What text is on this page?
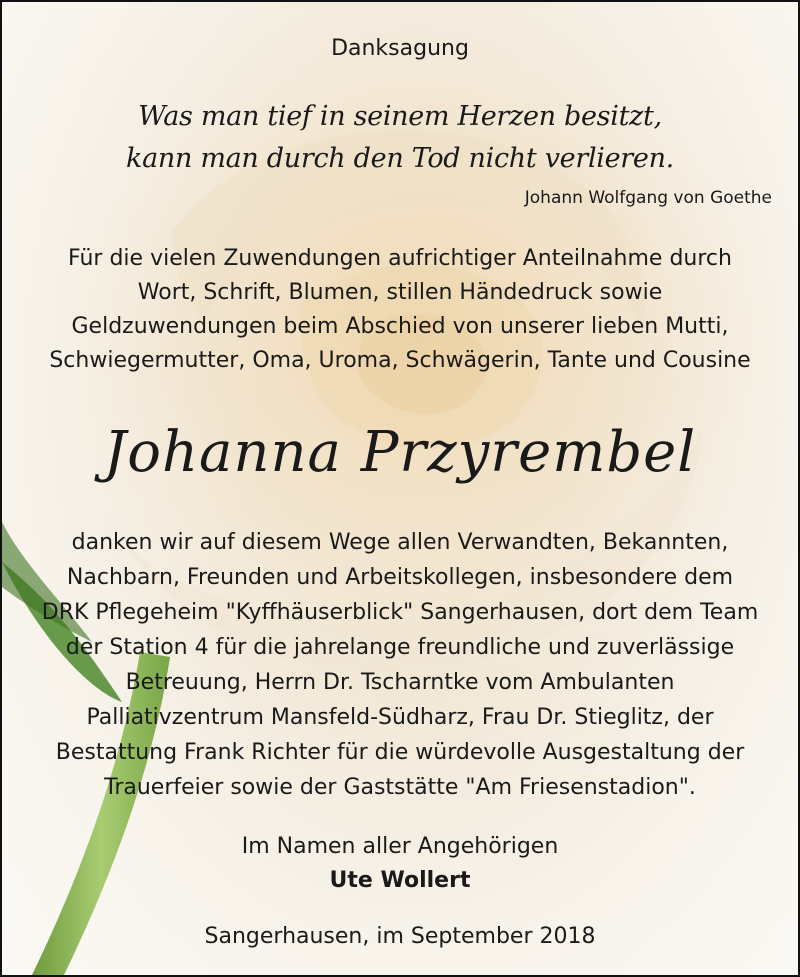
Danksagung
Was man tief in seinem Herzen besitzt,
kann man durch den Tod nicht verlieren.
Johann Wolfgang von Goethe
Für die vielen Zuwendungen aufrichtiger Anteilnahme durch
Wort, Schrift, Blumen, stillen Händedruck sowie
Geldzuwendungen beim Abschied von unserer lieben Mutti,
Schwiegermutter, Oma, Uroma, Schwägerin, Tante und Cousine
Johanna Przyrembel
danken wir auf diesem Wege allen Verwandten, Bekannten,
Nachbarn, Freunden und Arbeitskollegen, insbesondere dem
DRK Pflegeheim "Kyffhäuserblick" Sangerhausen, dort dem Team
der Station 4 für die jahrelange freundliche und zuverlässige
Betreuung, Herrn Dr. Tscharntke vom Ambulanten
Palliativzentrum Mansfeld-Südharz, Frau Dr. Stieglitz, der
Bestattung Frank Richter für die würdevolle Ausgestaltung der
Trauerfeier sowie der Gaststätte "Am Friesenstadion".
Im Namen aller Angehörigen
Ute Wollert
Sangerhausen, im September 2018
